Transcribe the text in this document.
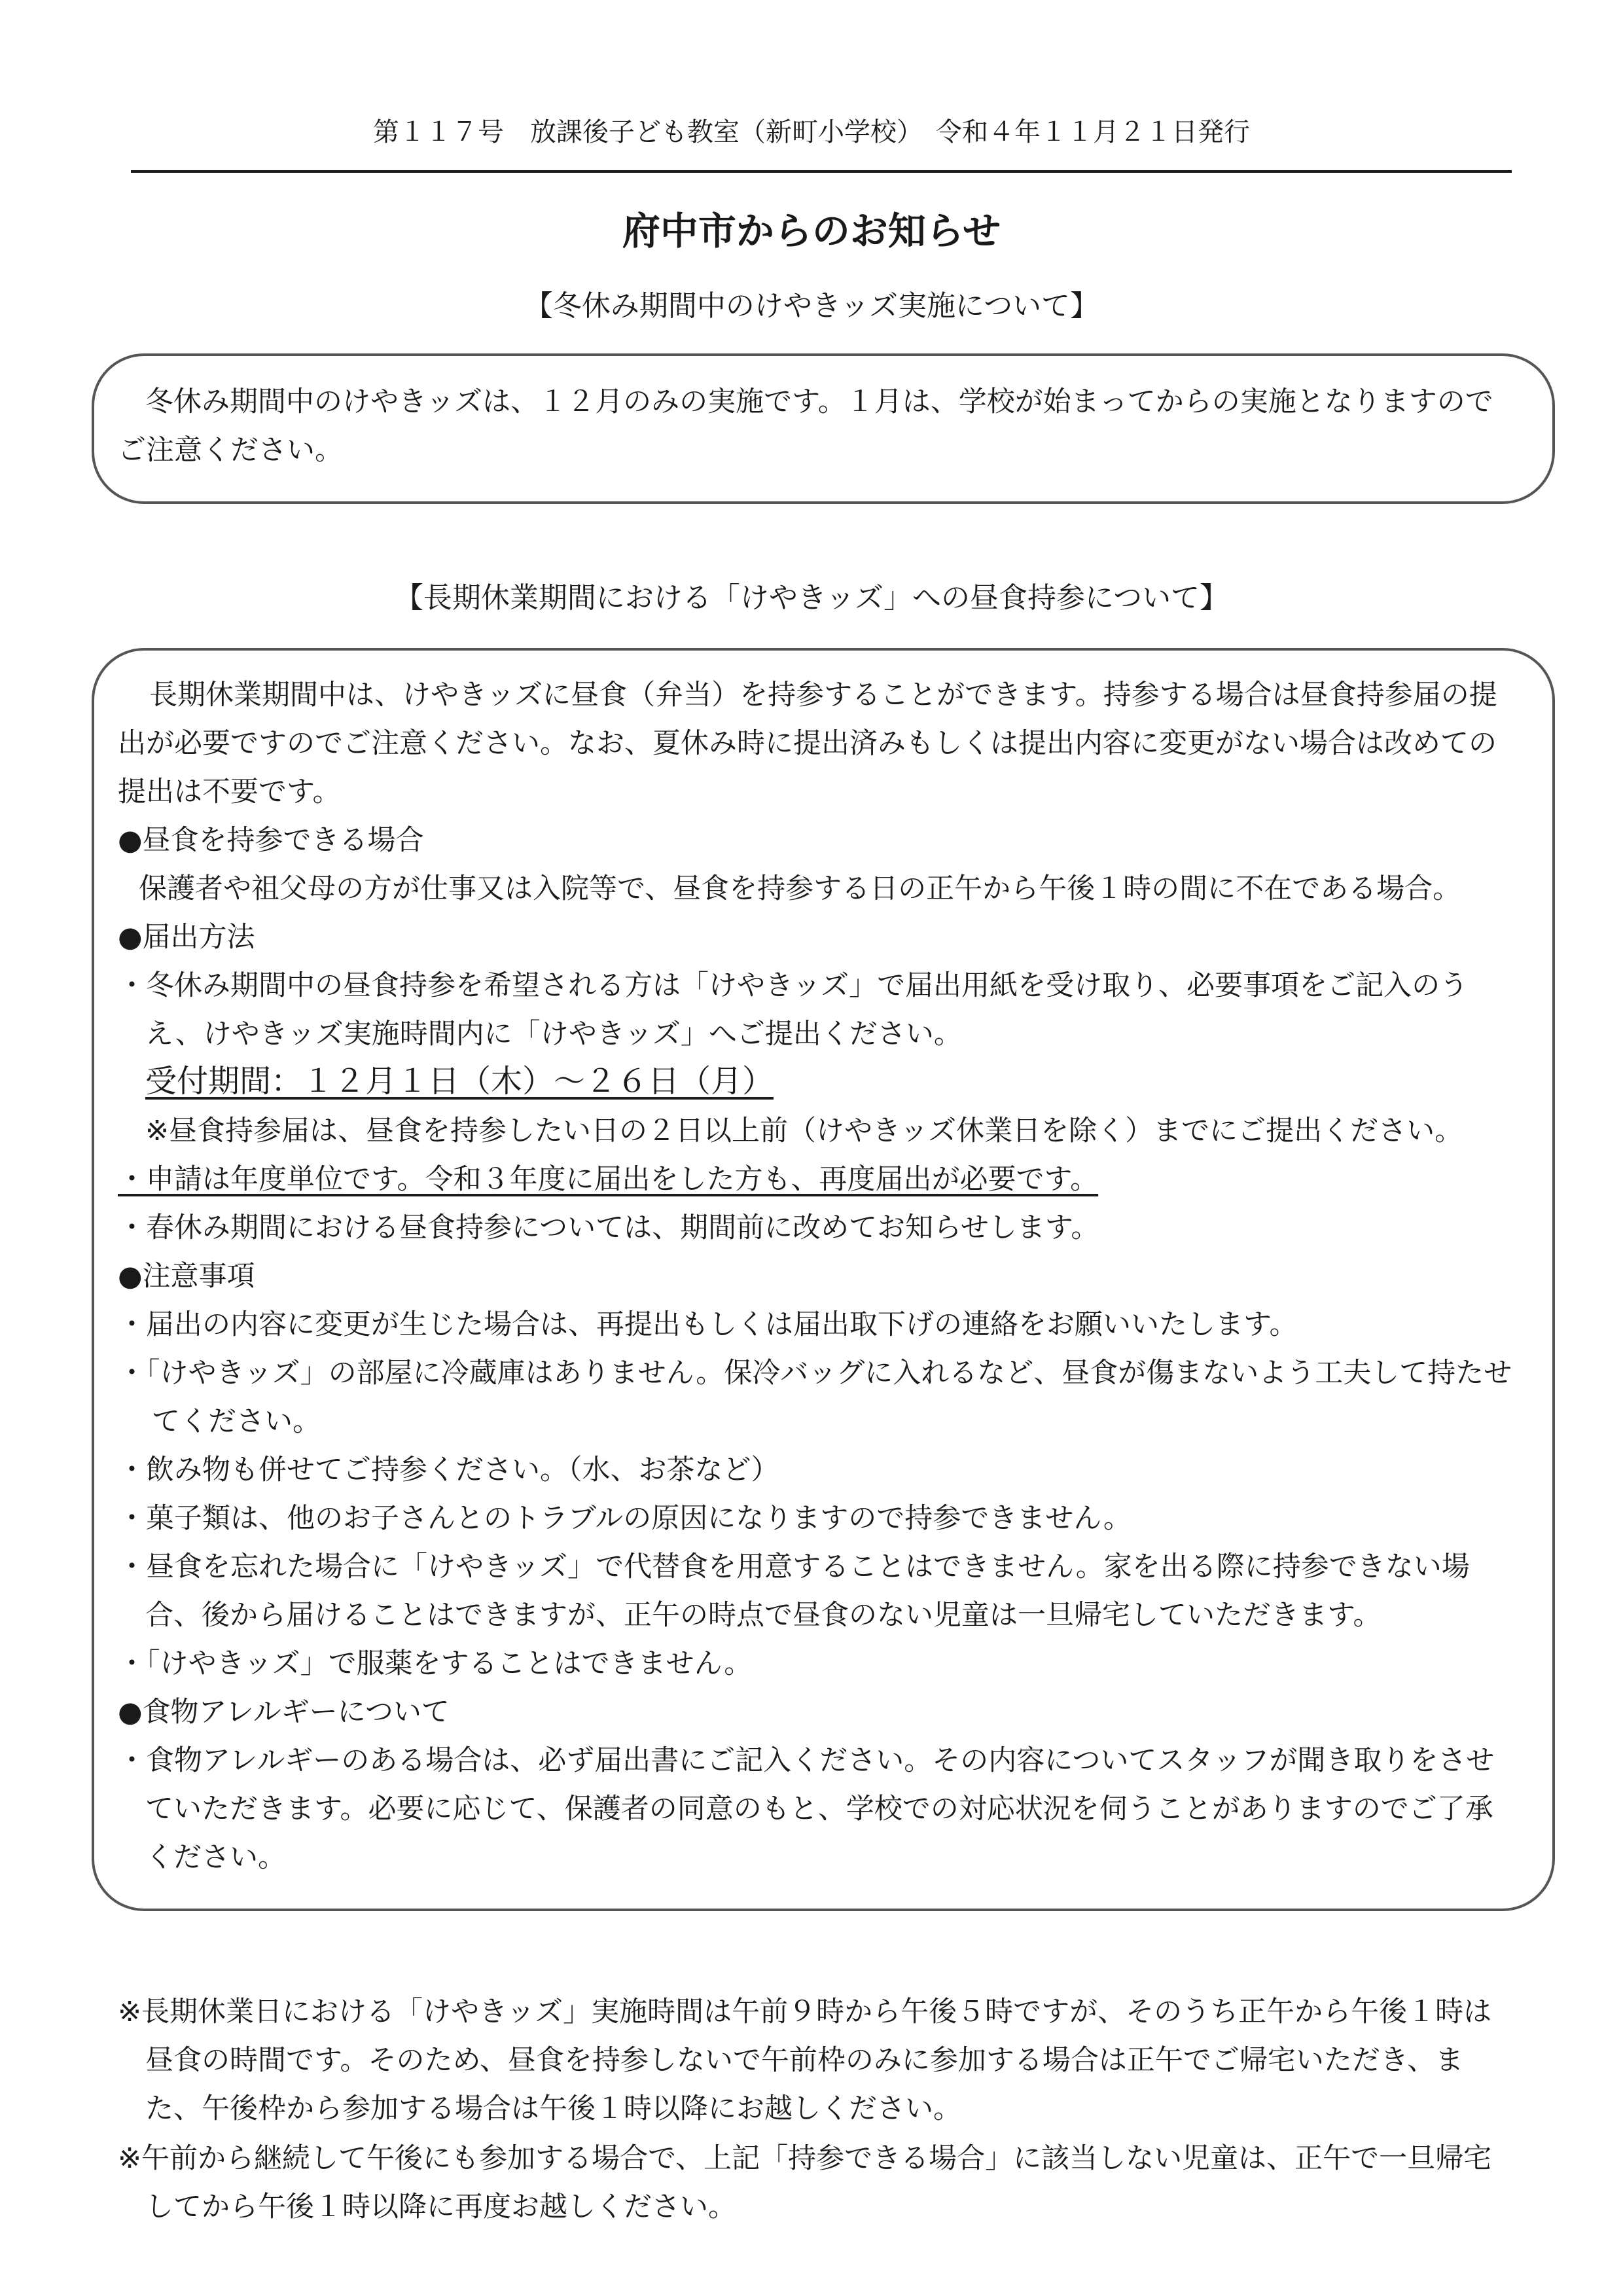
第１１７号　放課後子ども教室（新町小学校）　令和４年１１月２１日発行
府中市からのお知らせ
【冬休み期間中のけやきッズ実施について】
冬休み期間中のけやきッズは、１２月のみの実施です。１月は、学校が始まってからの実施となりますので
ご注意ください。
【長期休業期間における「けやきッズ」への昼食持参について】
長期休業期間中は、けやきッズに昼食（弁当）を持参することができます。持参する場合は昼食持参届の提
出が必要ですのでご注意ください。なお、夏休み時に提出済みもしくは提出内容に変更がない場合は改めての
提出は不要です。
●昼食を持参できる場合
保護者や祖父母の方が仕事又は入院等で、昼食を持参する日の正午から午後１時の間に不在である場合。
●届出方法
・冬休み期間中の昼食持参を希望される方は「けやきッズ」で届出用紙を受け取り、必要事項をご記入のう
え、けやきッズ実施時間内に「けやきッズ」へご提出ください。
受付期間：１２月１日（木）～２６日（月）
※昼食持参届は、昼食を持参したい日の２日以上前（けやきッズ休業日を除く）までにご提出ください。
・申請は年度単位です。令和３年度に届出をした方も、再度届出が必要です。
・春休み期間における昼食持参については、期間前に改めてお知らせします。
●注意事項
・届出の内容に変更が生じた場合は、再提出もしくは届出取下げの連絡をお願いいたします。
・「けやきッズ」の部屋に冷蔵庫はありません。保冷バッグに入れるなど、昼食が傷まないよう工夫して持たせ
てください。
・飲み物も併せてご持参ください。（水、お茶など）
・菓子類は、他のお子さんとのトラブルの原因になりますので持参できません。
・昼食を忘れた場合に「けやきッズ」で代替食を用意することはできません。家を出る際に持参できない場
合、後から届けることはできますが、正午の時点で昼食のない児童は一旦帰宅していただきます。
・「けやきッズ」で服薬をすることはできません。
●食物アレルギーについて
・食物アレルギーのある場合は、必ず届出書にご記入ください。その内容についてスタッフが聞き取りをさせ
ていただきます。必要に応じて、保護者の同意のもと、学校での対応状況を伺うことがありますのでご了承
ください。
※長期休業日における「けやきッズ」実施時間は午前９時から午後５時ですが、そのうち正午から午後１時は
昼食の時間です。そのため、昼食を持参しないで午前枠のみに参加する場合は正午でご帰宅いただき、ま
た、午後枠から参加する場合は午後１時以降にお越しください。
※午前から継続して午後にも参加する場合で、上記「持参できる場合」に該当しない児童は、正午で一旦帰宅
してから午後１時以降に再度お越しください。
